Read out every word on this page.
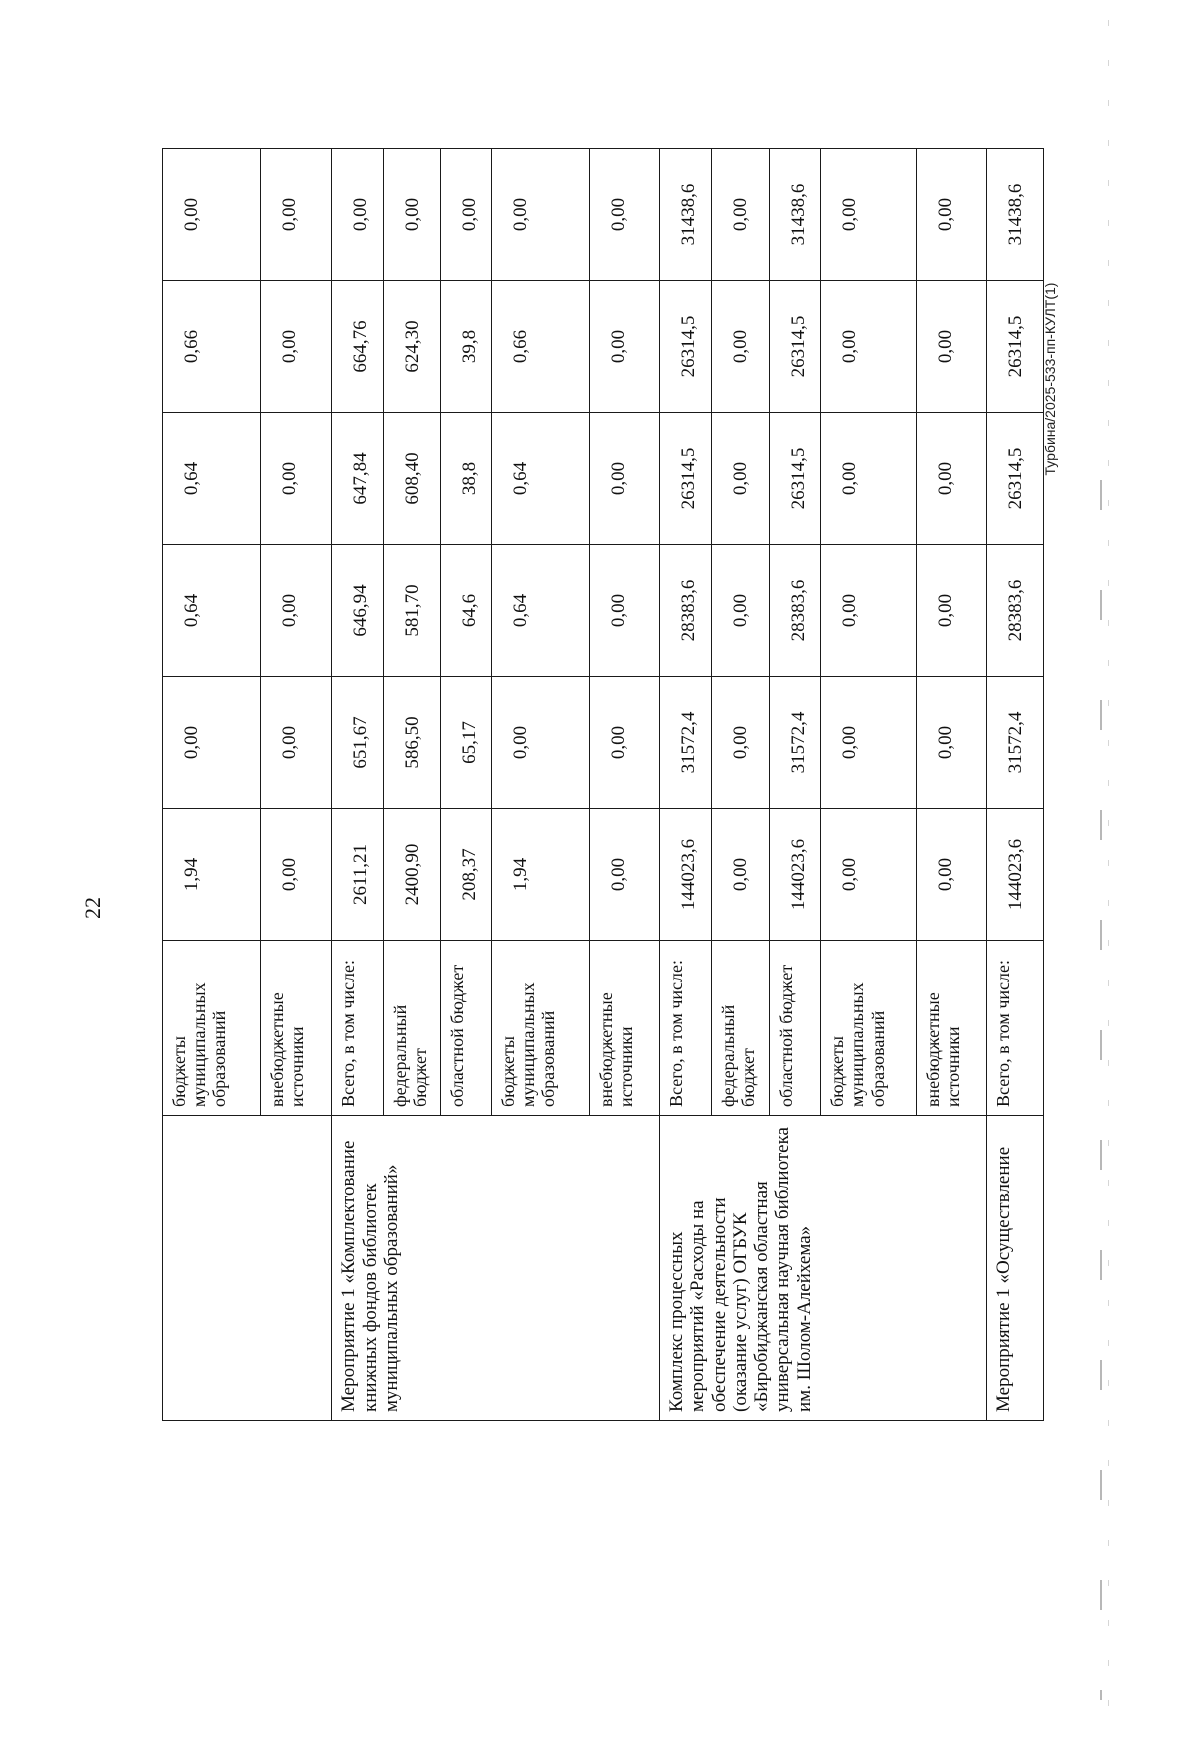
22
Турбина/2025-533-пп-КУЛТ(1)
	бюджеты муниципальных образований	1,94	0,00	0,64	0,64	0,66	0,00
	внебюджетные источники	0,00	0,00	0,00	0,00	0,00	0,00
Мероприятие 1 «Комплектование книжных фондов библиотек муниципальных образований»	Всего, в том числе:	2611,21	651,67	646,94	647,84	664,76	0,00
	федеральный бюджет	2400,90	586,50	581,70	608,40	624,30	0,00
	областной бюджет	208,37	65,17	64,6	38,8	39,8	0,00
	бюджеты муниципальных образований	1,94	0,00	0,64	0,64	0,66	0,00
	внебюджетные источники	0,00	0,00	0,00	0,00	0,00	0,00
Комплекс процессных мероприятий «Расходы на обеспечение деятельности (оказание услуг) ОГБУК «Биробиджанская областная универсальная научная библиотека им. Шолом-Алейхема»	Всего, в том числе:	144023,6	31572,4	28383,6	26314,5	26314,5	31438,6
	федеральный бюджет	0,00	0,00	0,00	0,00	0,00	0,00
	областной бюджет	144023,6	31572,4	28383,6	26314,5	26314,5	31438,6
	бюджеты муниципальных образований	0,00	0,00	0,00	0,00	0,00	0,00
	внебюджетные источники	0,00	0,00	0,00	0,00	0,00	0,00
Мероприятие 1 «Осуществление	Всего, в том числе:	144023,6	31572,4	28383,6	26314,5	26314,5	31438,6
